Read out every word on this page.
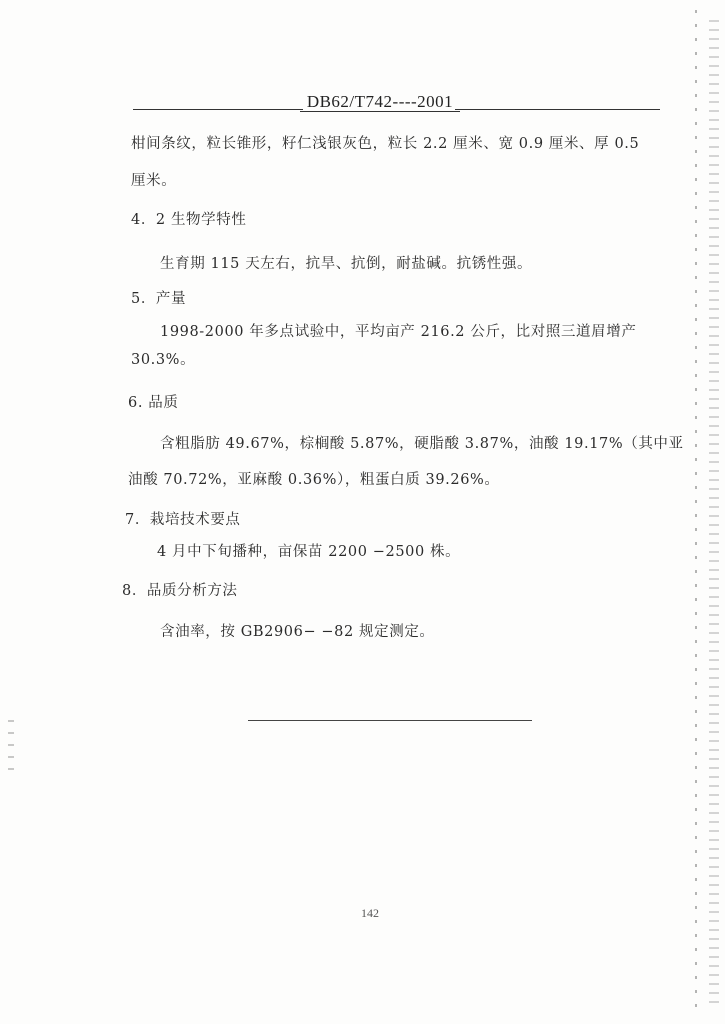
DB62/T742----2001
柑间条纹，粒长锥形，籽仁浅银灰色，粒长 2.2 厘米、宽 0.9 厘米、厚 0.5
厘米。
4．2 生物学特性
生育期 115 天左右，抗旱、抗倒，耐盐碱。抗锈性强。
5．产量
1998-2000 年多点试验中，平均亩产 216.2 公斤，比对照三道眉增产
30.3%。
6. 品质
含粗脂肪 49.67%，棕榈酸 5.87%，硬脂酸 3.87%，油酸 19.17%（其中亚
油酸 70.72%，亚麻酸 0.36%），粗蛋白质 39.26%。
7．栽培技术要点
4 月中下旬播种，亩保苗 2200 −2500 株。
8．品质分析方法
含油率，按 GB2906− −82 规定测定。
142
